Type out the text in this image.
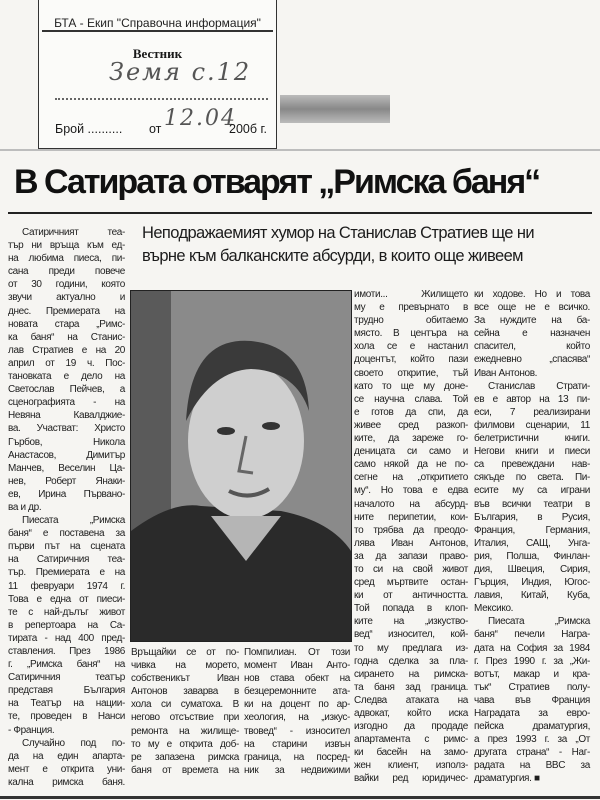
БТА - Екип "Справочна информация"
Вестник
Земя с.12
Брой .......... от 12.04
200б г.
В Сатирата отварят „Римска баня“
Неподражаемият хумор на Станислав Стратиев ще ни
върне към балканските абсурди, в които още живеем
Сатиричният теа-
тър ни връща към ед-
на любима пиеса, пи-
сана преди повече
от 30 години, която
звучи актуално и
днес. Премиерата на
новата стара „Римс-
ка баня“ на Станис-
лав Стратиев е на 20
април от 19 ч. Пос-
тановката е дело на
Светослав Пейчев, а
сценографията - на
Невяна Кавалджие-
ва. Участват: Христо
Гърбов, Никола
Анастасов, Димитър
Манчев, Веселин Ца-
нев, Роберт Янаки-
ев, Ирина Първано-
ва и др.
Пиесата „Римска
баня“ е поставена за
първи път на сцената
на Сатиричния теа-
тър. Премиерата е на
11 февруари 1974 г.
Това е една от пиеси-
те с най-дълъг живот
в репертоара на Са-
тирата - над 400 пред-
ставления. През 1986
г. „Римска баня“ на
Сатиричния театър
представя България
на Театър на нации-
те, проведен в Нанси
- Франция.
Случайно под по-
да на един апарта-
мент е открита уни-
кална римска баня.
Връщайки се от по-
чивка на морето,
собственикът Иван
Антонов заварва в
хола си суматоха. В
негово отсъствие при
ремонта на жилище-
то му е открита доб-
ре запазена римска
баня от времета на
Помпилиан. От този
момент Иван Анто-
нов става обект на
безцеремонните ата-
ки на доцент по ар-
хеология, на „изкус-
твовед“ - износител
на старини извън
граница, на посред-
ник за недвижими
имоти... Жилището
му е превърнато в
трудно обитаемо
място. В центъра на
хола се е настанил
доцентът, който пази
своето откритие, тъй
като то ще му доне-
се научна слава. Той
е готов да спи, да
живее сред разкоп-
ките, да зареже го-
деницата си само и
само някой да не по-
сегне на „откритието
му“. Но това е едва
началото на абсурд-
ните перипетии, кои-
то трябва да преодо-
лява Иван Антонов,
за да запази право-
то си на свой живот
сред мъртвите остан-
ки от античността.
Той попада в клоп-
ките на „изкуство-
вед“ износител, кой-
то му предлага из-
годна сделка за пла-
сирането на римска-
та баня зад граница.
Следва атаката на
адвокат, който иска
изгодно да продаде
апартамента с римс-
ки басейн на замо-
жен клиент, използ-
вайки ред юридичес-
ки ходове. Но и това
все още не е всичко.
За нуждите на ба-
сейна е назначен
спасител, който
ежедневно „спасява“
Иван Антонов.
Станислав Страти-
ев е автор на 13 пи-
еси, 7 реализирани
филмови сценарии, 11
белетристични книги.
Негови книги и пиеси
са превеждани нав-
сякъде по света. Пи-
есите му са играни
във всички театри в
България, в Русия,
Франция, Германия,
Италия, САЩ, Унга-
рия, Полша, Финлан-
дия, Швеция, Сирия,
Гърция, Индия, Югос-
лавия, Китай, Куба,
Мексико.
Пиесата „Римска
баня“ печели Награ-
дата на София за 1984
г. През 1990 г. за „Жи-
вотът, макар и кра-
тък“ Стратиев полу-
чава във Франция
Наградата за евро-
пейска драматургия,
а през 1993 г. за „От
другата страна“ - Наг-
радата на BBC за
драматургия. ■
